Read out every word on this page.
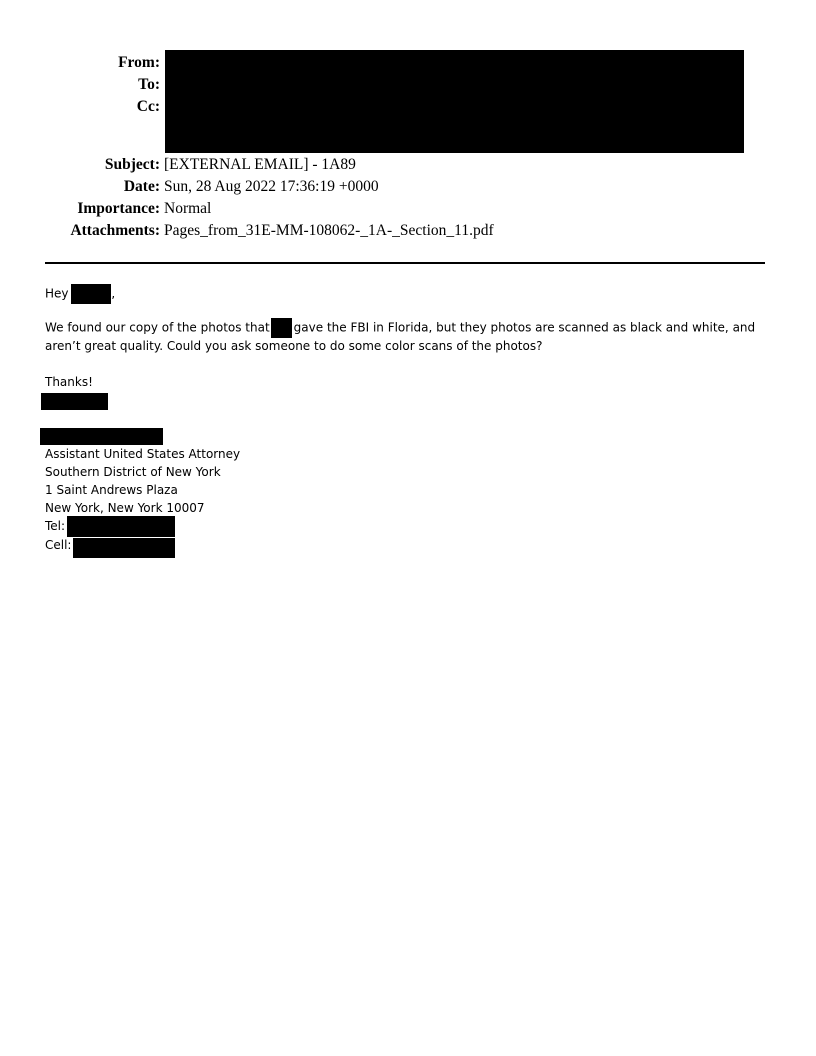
From:
To:
Cc:
Subject:
Date:
Importance:
Attachments:
[EXTERNAL EMAIL] - 1A89
Sun, 28 Aug 2022 17:36:19 +0000
Normal
Pages_from_31E-MM-108062-_1A-_Section_11.pdf
Hey	,
We found our copy of the photos that gave the FBI in Florida, but they photos are scanned as black and white, and
aren’t great quality. Could you ask someone to do some color scans of the photos?
Thanks!
Assistant United States Attorney
Southern District of New York
1 Saint Andrews Plaza
New York, New York 10007
Tel:
Cell:
